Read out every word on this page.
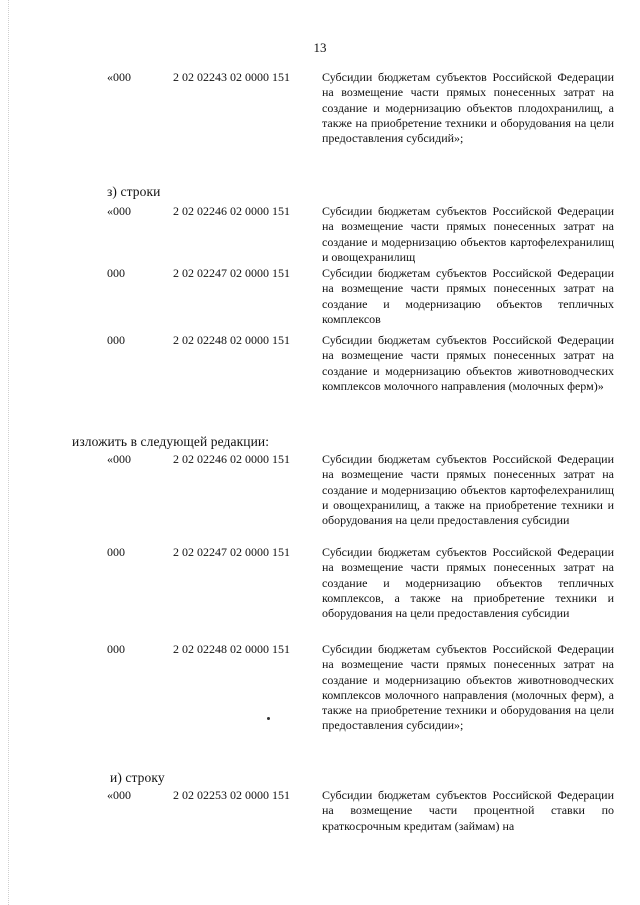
13
«000	2 02 02243 02 0000 151	Субсидии бюджетам субъектов Российской Федерации на возмещение части прямых понесенных затрат на создание и модернизацию объектов плодохранилищ, а также на приобретение техники и оборудования на цели предоставления субсидий»;
з) строки
«000	2 02 02246 02 0000 151	Субсидии бюджетам субъектов Российской Федерации на возмещение части прямых понесенных затрат на создание и модернизацию объектов картофелехранилищ и овощехранилищ
000	2 02 02247 02 0000 151	Субсидии бюджетам субъектов Российской Федерации на возмещение части прямых понесенных затрат на создание и модернизацию объектов тепличных комплексов
000	2 02 02248 02 0000 151	Субсидии бюджетам субъектов Российской Федерации на возмещение части прямых понесенных затрат на создание и модернизацию объектов животноводческих комплексов молочного направления (молочных ферм)»
изложить в следующей редакции:
«000	2 02 02246 02 0000 151	Субсидии бюджетам субъектов Российской Федерации на возмещение части прямых понесенных затрат на создание и модернизацию объектов картофелехранилищ и овощехранилищ, а также на приобретение техники и оборудования на цели предоставления субсидии
000	2 02 02247 02 0000 151	Субсидии бюджетам субъектов Российской Федерации на возмещение части прямых понесенных затрат на создание и модернизацию объектов тепличных комплексов, а также на приобретение техники и оборудования на цели предоставления субсидии
000	2 02 02248 02 0000 151	Субсидии бюджетам субъектов Российской Федерации на возмещение части прямых понесенных затрат на создание и модернизацию объектов животноводческих комплексов молочного направления (молочных ферм), а также на приобретение техники и оборудования на цели предоставления субсидии»;
и) строку
«000	2 02 02253 02 0000 151	Субсидии бюджетам субъектов Российской Федерации на возмещение части процентной ставки по краткосрочным кредитам (займам) на
